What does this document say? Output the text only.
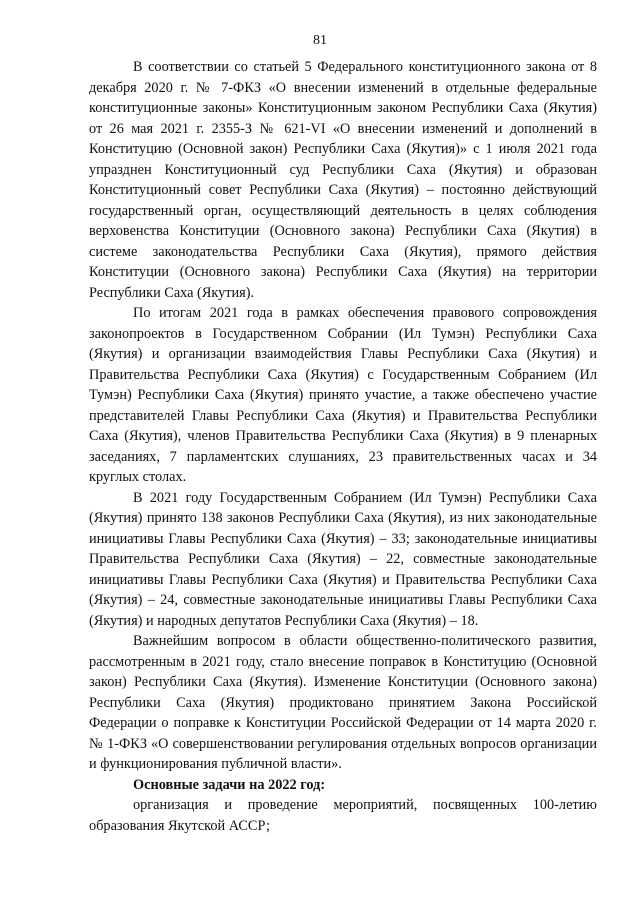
81

В соответствии со статьей 5 Федерального конституционного закона от 8 декабря 2020 г. № 7-ФКЗ «О внесении изменений в отдельные федеральные конституционные законы» Конституционным законом Республики Саха (Якутия) от 26 мая 2021 г. 2355-З № 621-VI «О внесении изменений и дополнений в Конституцию (Основной закон) Республики Саха (Якутия)» с 1 июля 2021 года упразднен Конституционный суд Республики Саха (Якутия) и образован Конституционный совет Республики Саха (Якутия) – постоянно действующий государственный орган, осуществляющий деятельность в целях соблюдения верховенства Конституции (Основного закона) Республики Саха (Якутия) в системе законодательства Республики Саха (Якутия), прямого действия Конституции (Основного закона) Республики Саха (Якутия) на территории Республики Саха (Якутия).

По итогам 2021 года в рамках обеспечения правового сопровождения законопроектов в Государственном Собрании (Ил Тумэн) Республики Саха (Якутия) и организации взаимодействия Главы Республики Саха (Якутия) и Правительства Республики Саха (Якутия) с Государственным Собранием (Ил Тумэн) Республики Саха (Якутия) принято участие, а также обеспечено участие представителей Главы Республики Саха (Якутия) и Правительства Республики Саха (Якутия), членов Правительства Республики Саха (Якутия) в 9 пленарных заседаниях, 7 парламентских слушаниях, 23 правительственных часах и 34 круглых столах.

В 2021 году Государственным Собранием (Ил Тумэн) Республики Саха (Якутия) принято 138 законов Республики Саха (Якутия), из них законодательные инициативы Главы Республики Саха (Якутия) – 33; законодательные инициативы Правительства Республики Саха (Якутия) – 22, совместные законодательные инициативы Главы Республики Саха (Якутия) и Правительства Республики Саха (Якутия) – 24, совместные законодательные инициативы Главы Республики Саха (Якутия) и народных депутатов Республики Саха (Якутия) – 18.

Важнейшим вопросом в области общественно-политического развития, рассмотренным в 2021 году, стало внесение поправок в Конституцию (Основной закон) Республики Саха (Якутия). Изменение Конституции (Основного закона) Республики Саха (Якутия) продиктовано принятием Закона Российской Федерации о поправке к Конституции Российской Федерации от 14 марта 2020 г. № 1-ФКЗ «О совершенствовании регулирования отдельных вопросов организации и функционирования публичной власти».

Основные задачи на 2022 год:

организация и проведение мероприятий, посвященных 100-летию образования Якутской АССР;
